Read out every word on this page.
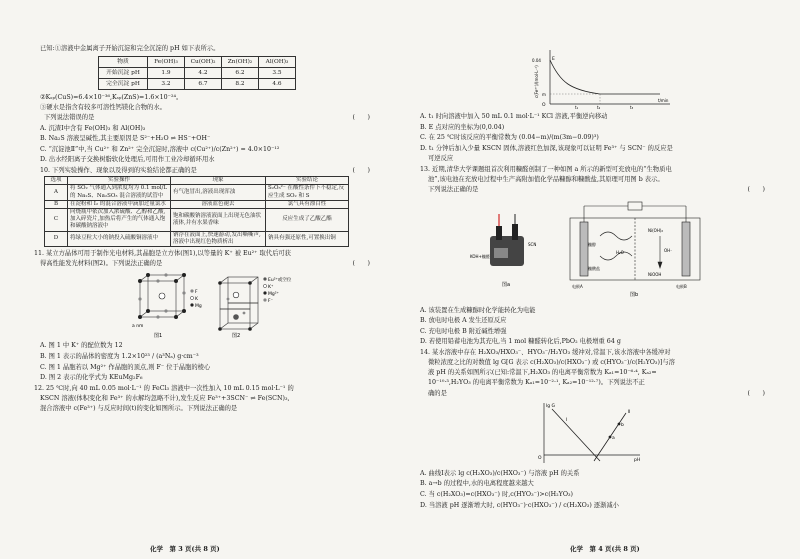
已知:①溶液中金属离子开始沉淀和完全沉淀的 pH 如下表所示。

物质	Fe(OH)₃	Cu(OH)₂	Zn(OH)₂	Al(OH)₃
开始沉淀 pH	1.9	4.2	6.2	3.5
完全沉淀 pH	3.2	6.7	8.2	4.6

②Kₛₚ(CuS)=6.4×10⁻³⁶,Kₛₚ(ZnS)=1.6×10⁻²⁴。

③硬水是指含有较多可溶性钙镁化合物的水。

下列说法错误的是	(　　)

A. 沉渣Ⅰ中含有 Fe(OH)₃ 和 Al(OH)₃

B. Na₂S 溶液呈碱性,其主要原因是 S²⁻+H₂O ⇌ HS⁻+OH⁻

C. “沉淀池Ⅱ”中,当 Cu²⁺ 和 Zn²⁺ 完全沉淀时,溶液中 c(Cu²⁺)/c(Zn²⁺) = 4.0×10⁻¹²

D. 出水经阳离子交换树脂软化处理后,可用作工业冷却循环用水

10. 下列实验操作、现象以及得到的实验结论都正确的是	(　　)

选项	实验操作	现象	实验结论
A	将 SO₂ 气体通入到浓度均为 0.1 mol/L 的 Na₂S、Na₂SO₃ 混合溶液的试管中	有气泡冒出,溶液出现浑浊	S₂O₃²⁻ 在酸性条件下不稳定,反应生成 SO₂ 和 S
B	在淀粉和 I₂ 的混合溶液中滴加过量氯水	溶液蓝色褪去	氯气具有漂白性
C	向烧瓶中依次加入浓硫酸、乙醇和乙酸,加入碎瓷片,加热后将产生的气体通入饱和碳酸钠溶液中	饱和碳酸钠溶液液面上出现无色油状液体,并有水果香味	反应生成了乙酸乙酯
D	将绿豆粒大小的钠投入硫酸铜溶液中	钠浮在液面上,快速游动,发出嘶嘶声,溶液中出现红色物质析出	钠具有强还原性,可置换出铜

11. 某立方晶体可用于制作光电材料,其晶胞是立方体(图1),以等量的 K⁺ 被 Eu²⁺ 取代后可获

得高性能发光材料(图2)。下列说法正确的是	(　　)

a nm
F
K
Mg
图1
Eu²⁺或空位
K⁺
Mg²⁺
F⁻
图2

A. 图 1 中 K⁺ 的配位数为 12

B. 图 1 表示的晶体的密度为 1.2×10²³ / (a³Nₐ) g·cm⁻³

C. 图 1 晶胞若以 Mg²⁺ 作晶胞的顶点,则 F⁻ 位于晶胞的棱心

D. 图 2 表示的化学式为 KEuMg₂F₆

12. 25 ℃时,向 40 mL 0.05 mol·L⁻¹ 的 FeCl₃ 溶液中一次性加入 10 mL 0.15 mol·L⁻¹ 的

KSCN 溶液(体积变化和 Fe³⁺ 的水解均忽略不计),发生反应 Fe³⁺+3SCN⁻ ⇌ Fe(SCN)₃,

混合溶液中 c(Fe³⁺) 与反应时间(t)的变化如图所示。下列说法正确的是

化学　第 3 页(共 8 页)
O
0.04
m
E
t₁	t₂	t₃
t/min
c(Fe³⁺)/(mol·L⁻¹)

A. t₁ 时向溶液中加入 50 mL 0.1 mol·L⁻¹ KCl 溶液,平衡逆向移动

B. E 点对应的坐标为(0,0.04)

C. 在 25 ℃时该反应的平衡常数为 (0.04−m)/(m(3m−0.09)³)

D. t₁ 分钟后加入少量 KSCN 固体,溶液红色加深,该现象可以证明 Fe³⁺ 与 SCN⁻ 的反应是

可逆反应

13. 近期,清华大学课题组首次利用糠醛创制了一种如图 a 所示的新型可充放电的“生物质电

池”,该电池在充放电过程中生产高附加值化学品糠醇和糠酸盐,其原理可用图 b 表示。

下列说法正确的是	(　　)

KOH+糠醛
SCN
图a
糠醇
糠酸盐
Ni(OH)₂
NiOOH
H₂O	OH⁻
电极A	电极B
图b

A. 该装置在生成糠醇时化学能转化为电能

B. 放电时电极 A 发生还原反应

C. 充电时电极 B 附近碱性增强

D. 若使用铅蓄电池为其充电,当 1 mol 糠醛转化后,PbO₂ 电极增重 64 g

14. 某水溶液中存在 H₂XO₃/HXO₃⁻、HYO₃⁻/H₂YO₃ 缓冲对,常温下,该水溶液中各缓冲对

微粒浓度之比的对数值 lg G[G 表示 c(H₂XO₃)/c(HXO₃⁻) 或 c(HYO₃⁻)/c(H₂YO₃)]与溶

液 pH 的关系如图所示(已知:常温下,H₂XO₃ 的电离平衡常数为 Kₐ₁=10⁻⁶·⁴, Kₐ₂=

10⁻¹⁰·³,H₂YO₃ 的电离平衡常数为 Kₐ₁=10⁻²·¹, Kₐ₂=10⁻¹²·⁷)。下列说法不正

确的是	(　　)

a
b
Ⅰ
Ⅱ
O
lg G
pH

A. 曲线Ⅰ表示 lg c(H₂XO₃)/c(HXO₃⁻) 与溶液 pH 的关系

B. a→b 的过程中,水的电离程度越来越大

C. 当 c(H₂XO₃)=c(HXO₃⁻) 时,c(HYO₃⁻)>c(H₂YO₃)

D. 当溶液 pH 逐渐增大时, c(HYO₃⁻)·c(HXO₃⁻) / c(H₂XO₃) 逐渐减小

化学　第 4 页(共 8 页)
